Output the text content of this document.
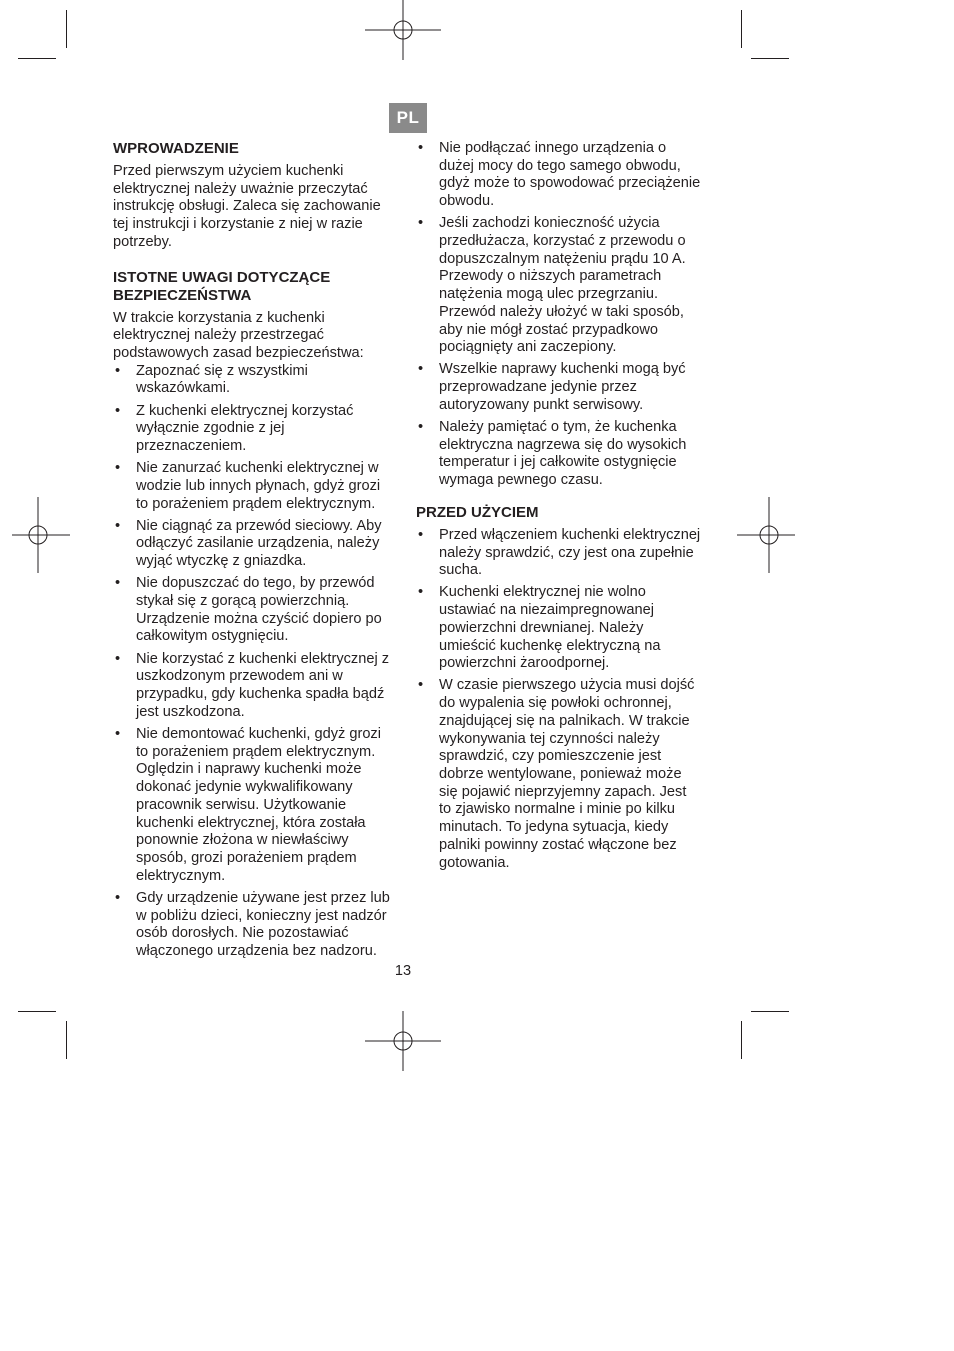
PL
WPROWADZENIE

Przed pierwszym użyciem kuchenki elektrycznej należy uważnie przeczytać instrukcję obsługi. Zaleca się zachowanie tej instrukcji i korzystanie z niej w razie potrzeby.

ISTOTNE UWAGI DOTYCZĄCE BEZPIECZEŃSTWA

W trakcie korzystania z kuchenki elektrycznej należy przestrzegać podstawowych zasad bezpieczeństwa:

• Zapoznać się z wszystkimi wskazówkami.
• Z kuchenki elektrycznej korzystać wyłącznie zgodnie z jej przeznaczeniem.
• Nie zanurzać kuchenki elektrycznej w wodzie lub innych płynach, gdyż grozi to porażeniem prądem elektrycznym.
• Nie ciągnąć za przewód sieciowy. Aby odłączyć zasilanie urządzenia, należy wyjąć wtyczkę z gniazdka.
• Nie dopuszczać do tego, by przewód stykał się z gorącą powierzchnią. Urządzenie można czyścić dopiero po całkowitym ostygnięciu.
• Nie korzystać z kuchenki elektrycznej z uszkodzonym przewodem ani w przypadku, gdy kuchenka spadła bądź jest uszkodzona.
• Nie demontować kuchenki, gdyż grozi to porażeniem prądem elektrycznym. Oględzin i naprawy kuchenki może dokonać jedynie wykwalifikowany pracownik serwisu. Użytkowanie kuchenki elektrycznej, która została ponownie złożona w niewłaściwy sposób, grozi porażeniem prądem elektrycznym.
• Gdy urządzenie używane jest przez lub w pobliżu dzieci, konieczny jest nadzór osób dorosłych. Nie pozostawiać włączonego urządzenia bez nadzoru.
• Nie podłączać innego urządzenia o dużej mocy do tego samego obwodu, gdyż może to spowodować przeciążenie obwodu.
• Jeśli zachodzi konieczność użycia przedłużacza, korzystać z przewodu o dopuszczalnym natężeniu prądu 10 A. Przewody o niższych parametrach natężenia mogą ulec przegrzaniu. Przewód należy ułożyć w taki sposób, aby nie mógł zostać przypadkowo pociągnięty ani zaczepiony.
• Wszelkie naprawy kuchenki mogą być przeprowadzane jedynie przez autoryzowany punkt serwisowy.
• Należy pamiętać o tym, że kuchenka elektryczna nagrzewa się do wysokich temperatur i jej całkowite ostygnięcie wymaga pewnego czasu.
PRZED UŻYCIEM
• Przed włączeniem kuchenki elektrycznej należy sprawdzić, czy jest ona zupełnie sucha.
• Kuchenki elektrycznej nie wolno ustawiać na niezaimpregnowanej powierzchni drewnianej. Należy umieścić kuchenkę elektryczną na powierzchni żaroodpornej.
• W czasie pierwszego użycia musi dojść do wypalenia się powłoki ochronnej, znajdującej się na palnikach. W trakcie wykonywania tej czynności należy sprawdzić, czy pomieszczenie jest dobrze wentylowane, ponieważ może się pojawić nieprzyjemny zapach. Jest to zjawisko normalne i minie po kilku minutach. To jedyna sytuacja, kiedy palniki powinny zostać włączone bez gotowania.
13
